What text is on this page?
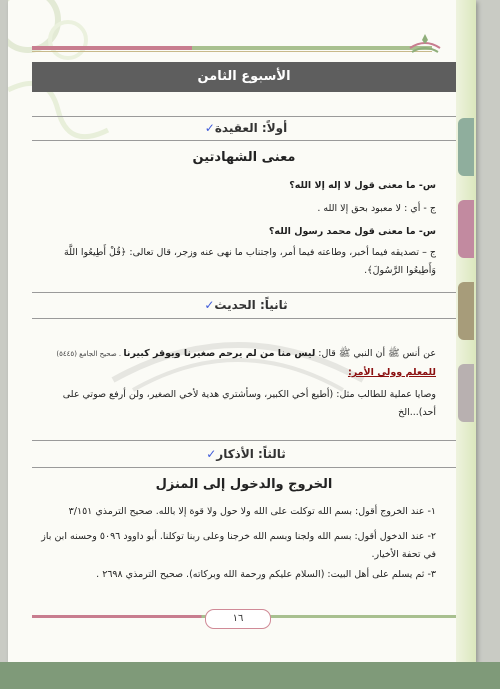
الأسبوع الثامن
أولاً: العقيدة✓
معنى الشهادتين
س- ما معنى قول لا إله إلا الله؟
ج - أي : لا معبود بحق إلا الله .
س- ما معنى قول محمد رسول الله؟
ج – تصديقه فيما أخبر، وطاعته فيما أمر، واجتناب ما نهى عنه وزجر، قال تعالى: ﴿قُلْ أَطِيعُوا اللَّهَ وَأَطِيعُوا الرَّسُولَ﴾.
ثانياً: الحديث✓
عن أنس ﷺ أن النبي ﷺ قال: ليس منا من لم يرحم صغيرنا ويوقر كبيرنا . صحيح الجامع (٥٤٤٥)
للمعلم وولي الأمر:
وصايا عملية للطالب مثل: (أطيع أخي الكبير، وسأشتري هدية لأخي الصغير، ولن أرفع صوتي على أحد)...الخ
ثالثاً: الأذكار✓
الخروج والدخول إلى المنزل
١- عند الخروج أقول: بسم الله توكلت على الله ولا حول ولا قوة إلا بالله. صحيح الترمذي ٣/١٥١
٢- عند الدخول أقول: بسم الله ولجنا وبسم الله خرجنا وعلى ربنا توكلنا. أبو داوود ٥٠٩٦ وحسنه ابن باز في تحفة الأخيار.
٣- ثم يسلم على أهل البيت: (السلام عليكم ورحمة الله وبركاته). صحيح الترمذي ٢٦٩٨ .
١٦
